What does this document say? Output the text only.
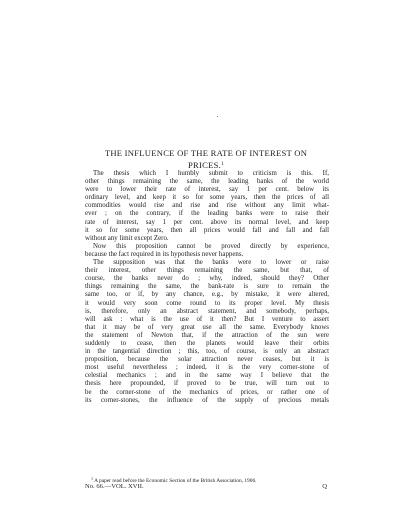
THE INFLUENCE OF THE RATE OF INTEREST ON
PRICES.$^1$
The thesis which I humbly submit to criticism is this. If,
other things remaining the same, the leading banks of the world
were to lower their rate of interest, say 1 per cent. below its
ordinary level, and keep it so for some years, then the prices of all
commodities would rise and rise and rise without any limit what-
ever ; on the contrary, if the leading banks were to raise their
rate of interest, say 1 per cent. above its normal level, and keep
it so for some years, then all prices would fall and fall and fall
without any limit except Zero.
Now this proposition cannot be proved directly by experience,
because the fact required in its hypothesis never happens.
The supposition was that the banks were to lower or raise
their interest, other things remaining the same, but that, of
course, the banks never do ; why, indeed, should they? Other
things remaining the same, the bank-rate is sure to remain the
same too, or if, by any chance, e.g., by mistake, it were altered,
it would very soon come round to its proper level. My thesis
is, therefore, only an abstract statement, and somebody, perhaps,
will ask : what is the use of it then? But I venture to assert
that it may be of very great use all the same. Everybody knows
the statement of Newton that, if the attraction of the sun were
suddenly to cease, then the planets would leave their orbits
in the tangential direction ; this, too, of course, is only an abstract
proposition, because the solar attraction never ceases, but it is
most useful nevertheless ; indeed, it is the very corner-stone of
celestial mechanics ; and in the same way I believe that the
thesis here propounded, if proved to be true, will turn out to
be the corner-stone of the mechanics of prices, or rather one of
its corner-stones, the influence of the supply of precious metals
$^1$ A paper read before the Economic Section of the British Association, 1906.
No. 66.—VOL. XVII.	Q
